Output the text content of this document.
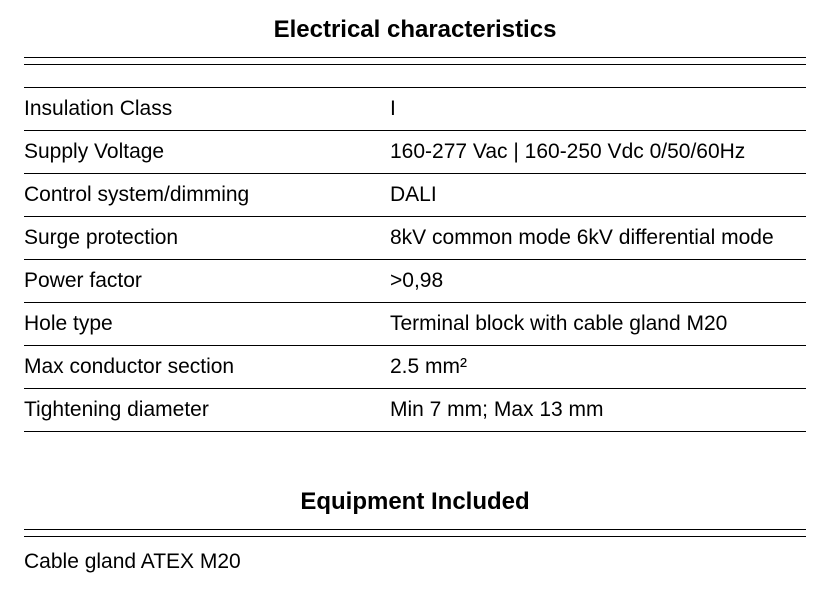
Electrical characteristics
Insulation Class	I
Supply Voltage	160-277 Vac | 160-250 Vdc 0/50/60Hz
Control system/dimming	DALI
Surge protection	8kV common mode 6kV differential mode
Power factor	>0,98
Hole type	Terminal block with cable gland M20
Max conductor section	2.5 mm²
Tightening diameter	Min 7 mm; Max 13 mm
Equipment Included
Cable gland ATEX M20
